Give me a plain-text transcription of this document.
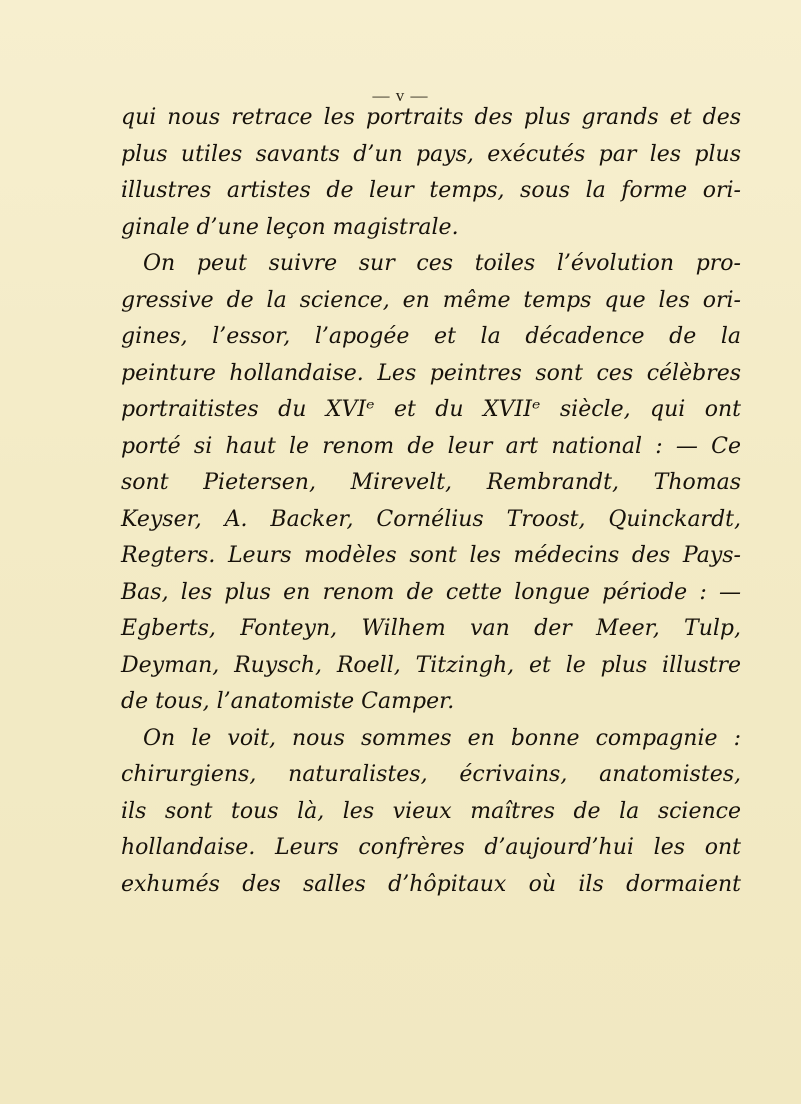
— v —
qui nous retrace les portraits des plus grands et des
plus utiles savants d’un pays, exécutés par les plus
illustres artistes de leur temps, sous la forme ori-
ginale d’une leçon magistrale.
On peut suivre sur ces toiles l’évolution pro-
gressive de la science, en même temps que les ori-
gines, l’essor, l’apogée et la décadence de la
peinture hollandaise. Les peintres sont ces célèbres
portraitistes du XVIᵉ et du XVIIᵉ siècle, qui ont
porté si haut le renom de leur art national : — Ce
sont Pietersen, Mirevelt, Rembrandt, Thomas
Keyser, A. Backer, Cornélius Troost, Quinckardt,
Regters. Leurs modèles sont les médecins des Pays-
Bas, les plus en renom de cette longue période : —
Egberts, Fonteyn, Wilhem van der Meer, Tulp,
Deyman, Ruysch, Roell, Titzingh, et le plus illustre
de tous, l’anatomiste Camper.
On le voit, nous sommes en bonne compagnie :
chirurgiens, naturalistes, écrivains, anatomistes,
ils sont tous là, les vieux maîtres de la science
hollandaise. Leurs confrères d’aujourd’hui les ont
exhumés des salles d’hôpitaux où ils dormaient
